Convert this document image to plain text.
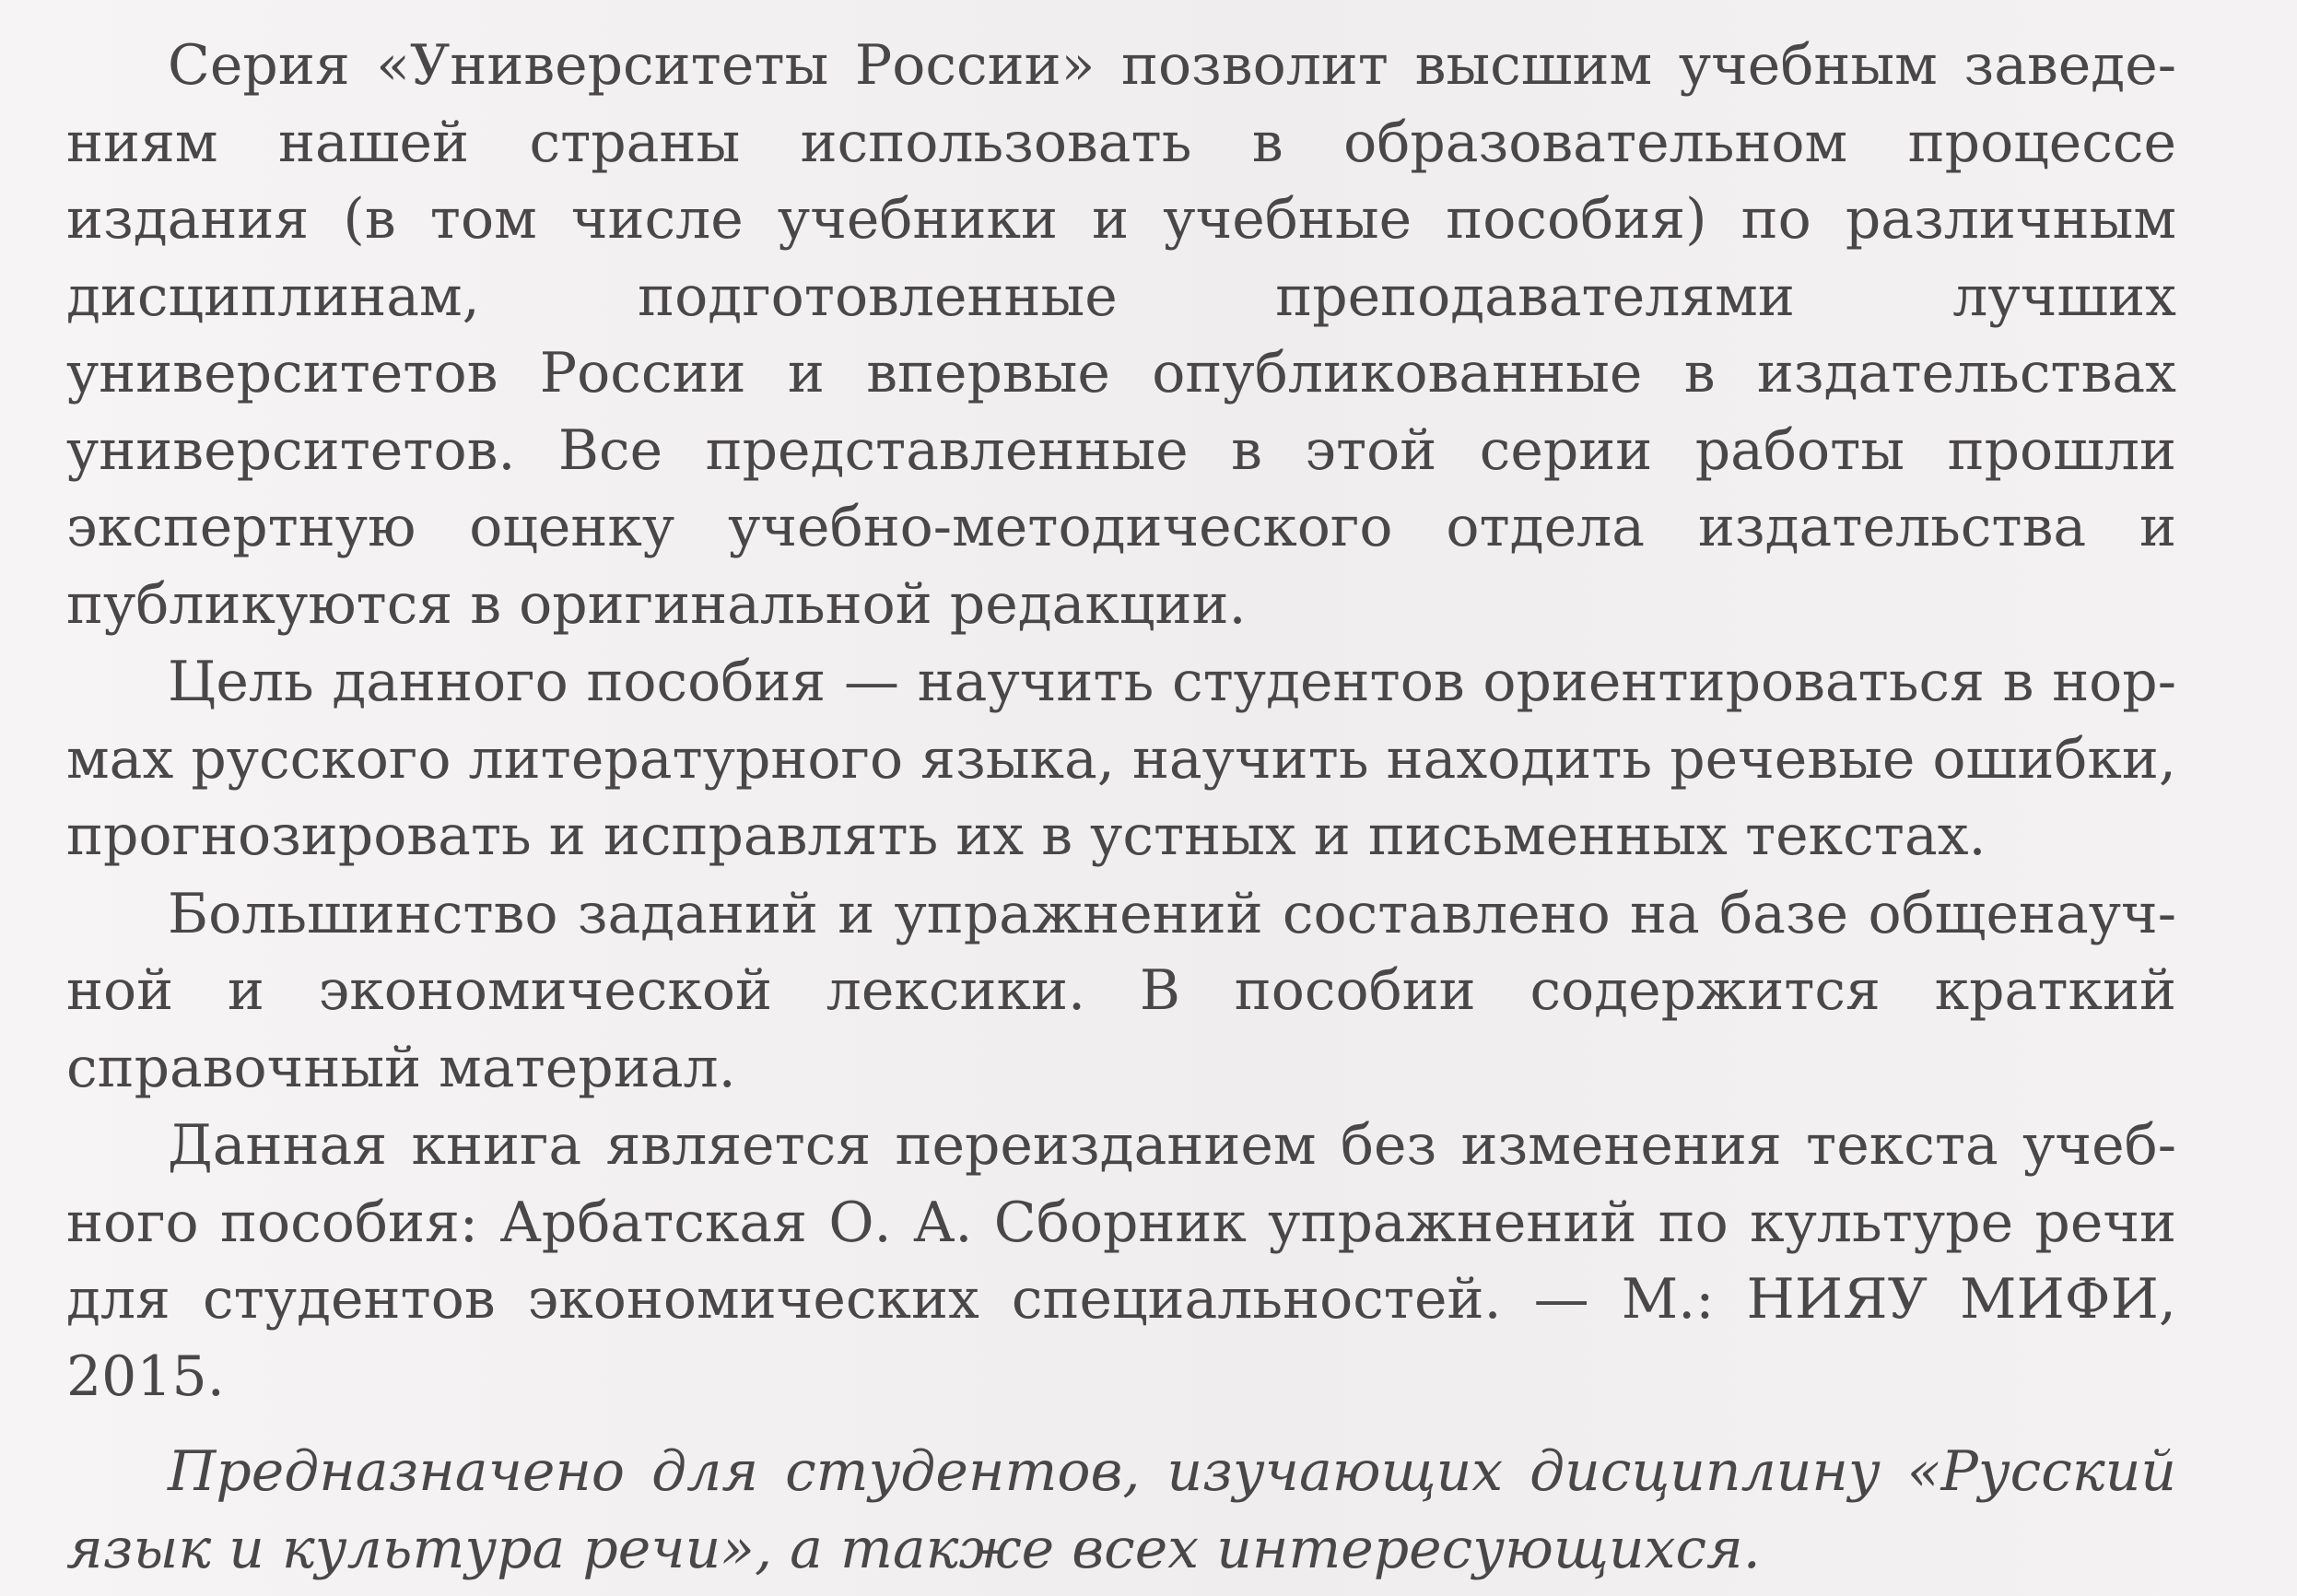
Серия «Университеты России» позволит высшим учебным заведениям нашей страны использовать в образовательном процессе издания (в том числе учебники и учебные пособия) по различным дисциплинам, подготовленные преподавателями лучших университетов России и впервые опубликованные в издательствах университетов. Все представленные в этой серии работы прошли экспертную оценку учебно-методического отдела издательства и публикуются в оригинальной редакции.

Цель данного пособия — научить студентов ориентироваться в нормах русского литературного языка, научить находить речевые ошибки, прогнозировать и исправлять их в устных и письменных текстах.

Большинство заданий и упражнений составлено на базе общенаучной и экономической лексики. В пособии содержится краткий справочный материал.

Данная книга является переизданием без изменения текста учебного пособия: Арбатская О. А. Сборник упражнений по культуре речи для студентов экономических специальностей. — М.: НИЯУ МИФИ, 2015.

Предназначено для студентов, изучающих дисциплину «Русский язык и культура речи», а также всех интересующихся.
